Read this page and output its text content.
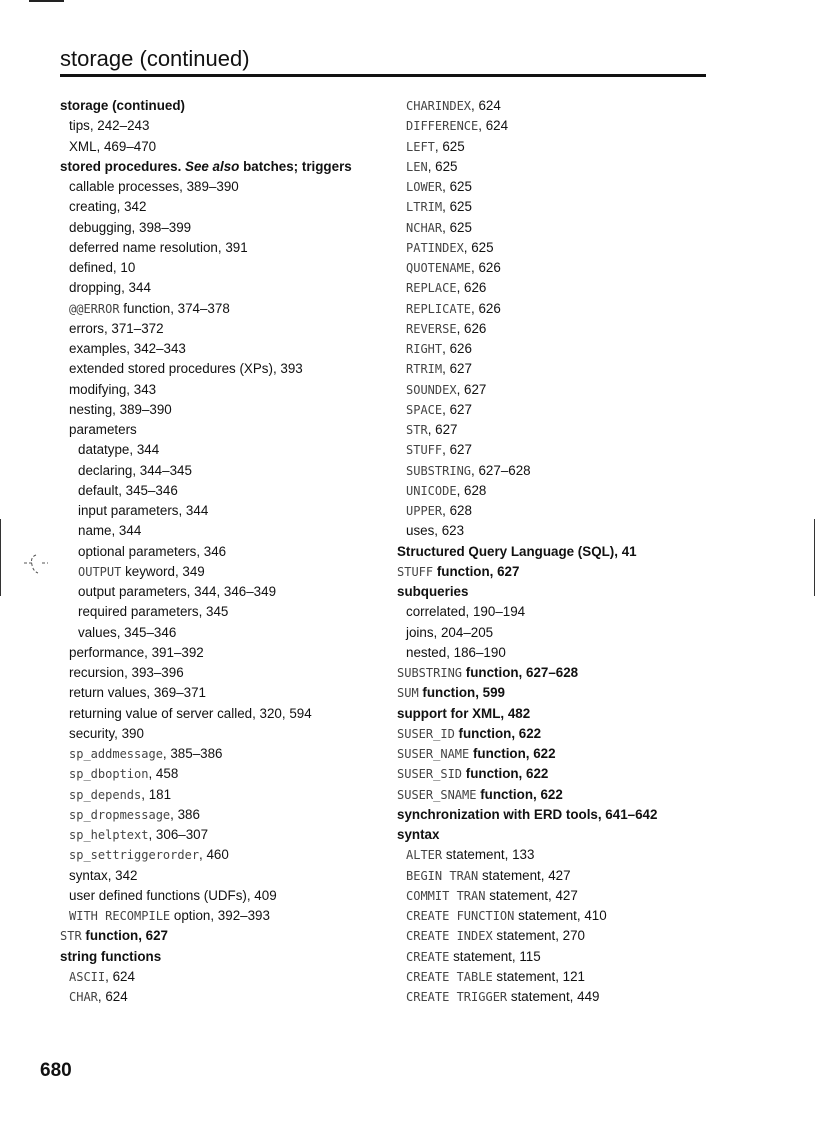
storage (continued)
storage (continued)
tips, 242–243
XML, 469–470
stored procedures. See also batches; triggers
callable processes, 389–390
creating, 342
debugging, 398–399
deferred name resolution, 391
defined, 10
dropping, 344
@@ERROR function, 374–378
errors, 371–372
examples, 342–343
extended stored procedures (XPs), 393
modifying, 343
nesting, 389–390
parameters
datatype, 344
declaring, 344–345
default, 345–346
input parameters, 344
name, 344
optional parameters, 346
OUTPUT keyword, 349
output parameters, 344, 346–349
required parameters, 345
values, 345–346
performance, 391–392
recursion, 393–396
return values, 369–371
returning value of server called, 320, 594
security, 390
sp_addmessage, 385–386
sp_dboption, 458
sp_depends, 181
sp_dropmessage, 386
sp_helptext, 306–307
sp_settriggerorder, 460
syntax, 342
user defined functions (UDFs), 409
WITH RECOMPILE option, 392–393
STR function, 627
string functions
ASCII, 624
CHAR, 624
CHARINDEX, 624
DIFFERENCE, 624
LEFT, 625
LEN, 625
LOWER, 625
LTRIM, 625
NCHAR, 625
PATINDEX, 625
QUOTENAME, 626
REPLACE, 626
REPLICATE, 626
REVERSE, 626
RIGHT, 626
RTRIM, 627
SOUNDEX, 627
SPACE, 627
STR, 627
STUFF, 627
SUBSTRING, 627–628
UNICODE, 628
UPPER, 628
uses, 623
Structured Query Language (SQL), 41
STUFF function, 627
subqueries
correlated, 190–194
joins, 204–205
nested, 186–190
SUBSTRING function, 627–628
SUM function, 599
support for XML, 482
SUSER_ID function, 622
SUSER_NAME function, 622
SUSER_SID function, 622
SUSER_SNAME function, 622
synchronization with ERD tools, 641–642
syntax
ALTER statement, 133
BEGIN TRAN statement, 427
COMMIT TRAN statement, 427
CREATE FUNCTION statement, 410
CREATE INDEX statement, 270
CREATE statement, 115
CREATE TABLE statement, 121
CREATE TRIGGER statement, 449
680
